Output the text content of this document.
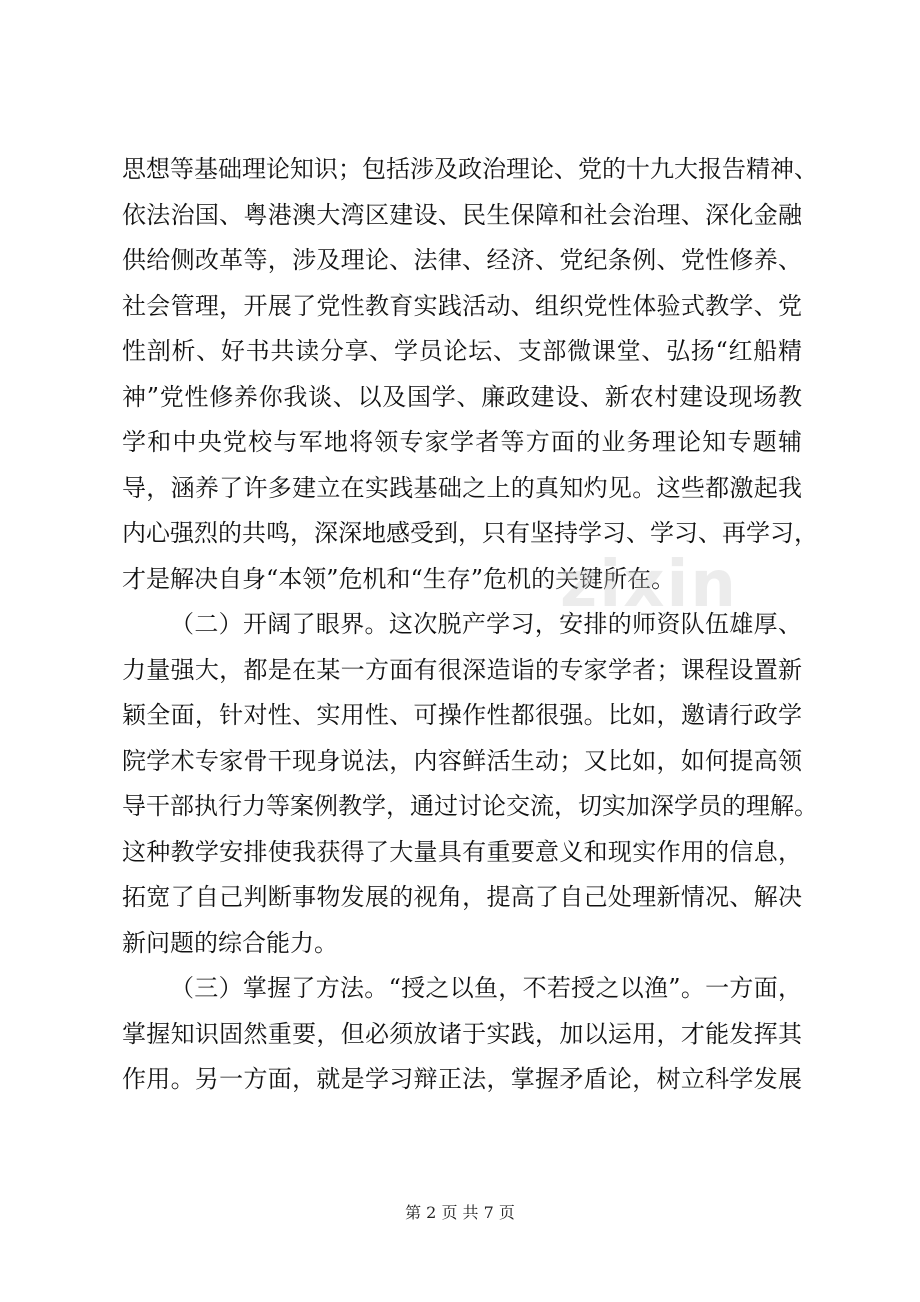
思想等基础理论知识；包括涉及政治理论、党的十九大报告精神、
依法治国、粤港澳大湾区建设、民生保障和社会治理、深化金融
供给侧改革等，涉及理论、法律、经济、党纪条例、党性修养、
社会管理，开展了党性教育实践活动、组织党性体验式教学、党
性剖析、好书共读分享、学员论坛、支部微课堂、弘扬“红船精
神”党性修养你我谈、以及国学、廉政建设、新农村建设现场教
学和中央党校与军地将领专家学者等方面的业务理论知专题辅
导，涵养了许多建立在实践基础之上的真知灼见。这些都激起我
内心强烈的共鸣，深深地感受到，只有坚持学习、学习、再学习，
才是解决自身“本领”危机和“生存”危机的关键所在。
（二）开阔了眼界。这次脱产学习，安排的师资队伍雄厚、
力量强大，都是在某一方面有很深造诣的专家学者；课程设置新
颖全面，针对性、实用性、可操作性都很强。比如，邀请行政学
院学术专家骨干现身说法，内容鲜活生动；又比如，如何提高领
导干部执行力等案例教学，通过讨论交流，切实加深学员的理解。
这种教学安排使我获得了大量具有重要意义和现实作用的信息，
拓宽了自己判断事物发展的视角，提高了自己处理新情况、解决
新问题的综合能力。
（三）掌握了方法。“授之以鱼，不若授之以渔”。一方面，
掌握知识固然重要，但必须放诸于实践，加以运用，才能发挥其
作用。另一方面，就是学习辩正法，掌握矛盾论，树立科学发展
zixin
第 2 页 共 7 页
